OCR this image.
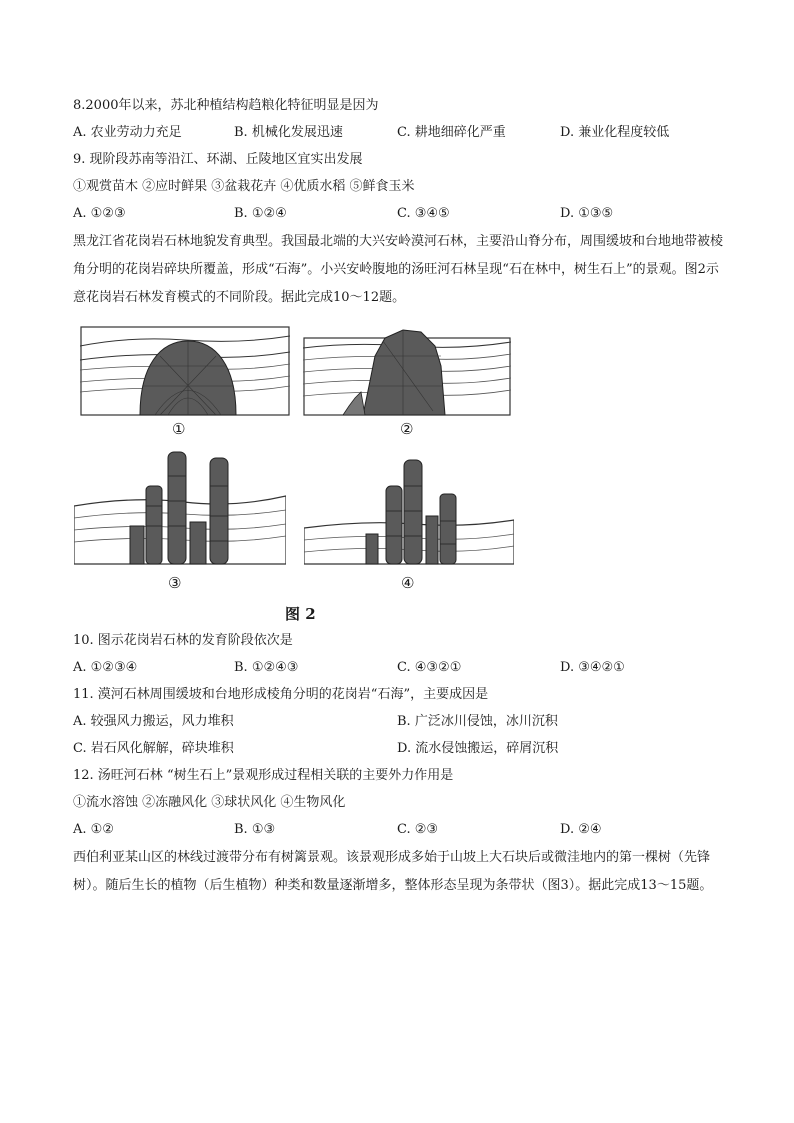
8.2000年以来，苏北种植结构趋粮化特征明显是因为
A. 农业劳动力充足	B. 机械化发展迅速	C. 耕地细碎化严重	D. 兼业化程度较低
9. 现阶段苏南等沿江、环湖、丘陵地区宜实出发展
①观赏苗木 ②应时鲜果 ③盆栽花卉 ④优质水稻 ⑤鲜食玉米
A. ①②③	B. ①②④	C. ③④⑤	D. ①③⑤
黑龙江省花岗岩石林地貌发育典型。我国最北端的大兴安岭漠河石林，主要沿山脊分布，周围缓坡和台地地带被棱角分明的花岗岩碎块所覆盖，形成“石海”。小兴安岭腹地的汤旺河石林呈现“石在林中，树生石上”的景观。图2示意花岗岩石林发育模式的不同阶段。据此完成10～12题。
①	②
③	④
图 2
10. 图示花岗岩石林的发育阶段依次是
A. ①②③④	B. ①②④③	C. ④③②①	D. ③④②①
11. 漠河石林周围缓坡和台地形成棱角分明的花岗岩“石海”，主要成因是
A. 较强风力搬运，风力堆积	B. 广泛冰川侵蚀，冰川沉积
C. 岩石风化解解，碎块堆积	D. 流水侵蚀搬运，碎屑沉积
12. 汤旺河石林 “树生石上”景观形成过程相关联的主要外力作用是
①流水溶蚀 ②冻融风化 ③球状风化 ④生物风化
A. ①②	B. ①③	C. ②③	D. ②④
西伯利亚某山区的林线过渡带分布有树篱景观。该景观形成多始于山坡上大石块后或微洼地内的第一棵树（先锋树）。随后生长的植物（后生植物）种类和数量逐渐增多，整体形态呈现为条带状（图3）。据此完成13～15题。
